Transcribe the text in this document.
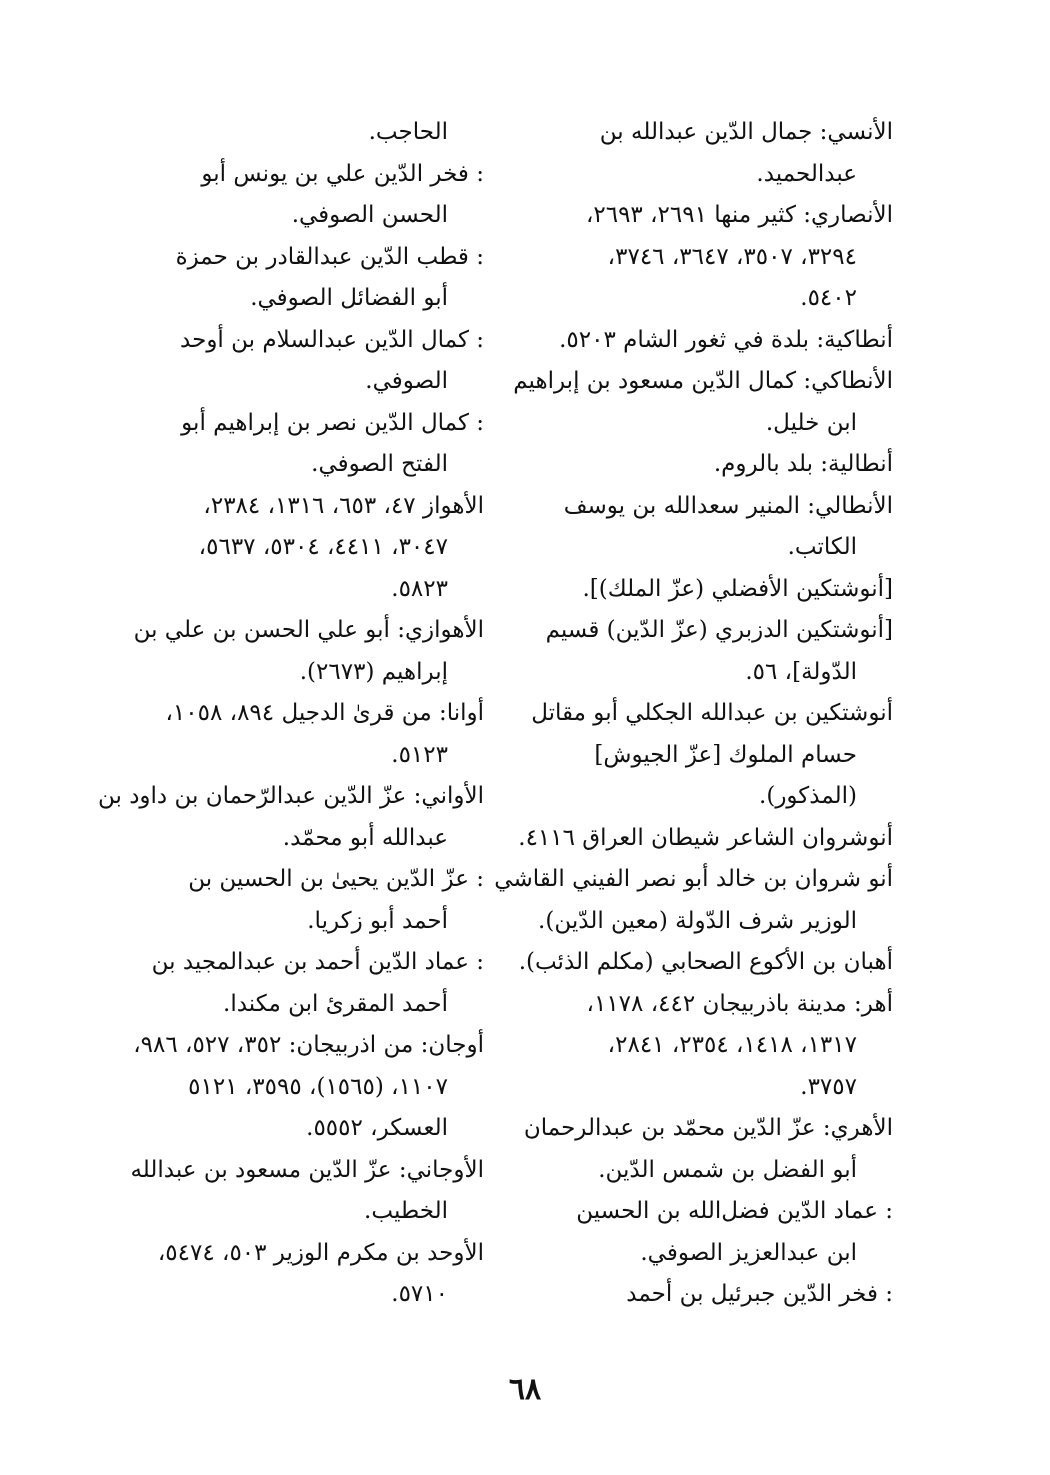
الأنسي: جمال الدّين عبدالله بن
عبدالحميد.
الأنصاري: كثير منها ٢٦٩١، ٢٦٩٣،
٣٢٩٤، ٣٥٠٧، ٣٦٤٧، ٣٧٤٦،
٥٤٠٢.
أنطاكية: بلدة في ثغور الشام ٥٢٠٣.
الأنطاكي: كمال الدّين مسعود بن إبراهيم
ابن خليل.
أنطالية: بلد بالروم.
الأنطالي: المنير سعدالله بن يوسف
الكاتب.
[أنوشتكين الأفضلي (عزّ الملك)].
[أنوشتكين الدزبري (عزّ الدّين) قسيم
الدّولة]، ٥٦.
أنوشتكين بن عبدالله الجكلي أبو مقاتل
حسام الملوك [عزّ الجيوش]
(المذكور).
أنوشروان الشاعر شيطان العراق ٤١١٦.
أنو شروان بن خالد أبو نصر الفيني القاشي
الوزير شرف الدّولة (معين الدّين).
أهبان بن الأكوع الصحابي (مكلم الذئب).
أهر: مدينة باذربيجان ٤٤٢، ١١٧٨،
١٣١٧، ١٤١٨، ٢٣٥٤، ٢٨٤١،
٣٧٥٧.
الأهري: عزّ الدّين محمّد بن عبدالرحمان
أبو الفضل بن شمس الدّين.
: عماد الدّين فضل‌الله بن الحسين
ابن عبدالعزيز الصوفي.
: فخر الدّين جبرئيل بن أحمد
الحاجب.
: فخر الدّين علي بن يونس أبو
الحسن الصوفي.
: قطب الدّين عبدالقادر بن حمزة
أبو الفضائل الصوفي.
: كمال الدّين عبدالسلام بن أوحد
الصوفي.
: كمال الدّين نصر بن إبراهيم أبو
الفتح الصوفي.
الأهواز ٤٧، ٦٥٣، ١٣١٦، ٢٣٨٤،
٣٠٤٧، ٤٤١١، ٥٣٠٤، ٥٦٣٧،
٥٨٢٣.
الأهوازي: أبو علي الحسن بن علي بن
إبراهيم (٢٦٧٣).
أوانا: من قرىٰ الدجيل ٨٩٤، ١٠٥٨،
٥١٢٣.
الأواني: عزّ الدّين عبدالرّحمان بن داود بن
عبدالله أبو محمّد.
: عزّ الدّين يحيىٰ بن الحسين بن
أحمد أبو زكريا.
: عماد الدّين أحمد بن عبدالمجيد بن
أحمد المقرئ ابن مكندا.
أوجان: من اذربيجان: ٣٥٢، ٥٢٧، ٩٨٦،
١١٠٧، (١٥٦٥)، ٣٥٩٥، ٥١٢١
العسكر، ٥٥٥٢.
الأوجاني: عزّ الدّين مسعود بن عبدالله
الخطيب.
الأوحد بن مكرم الوزير ٥٠٣، ٥٤٧٤،
٥٧١٠.
٦٨
